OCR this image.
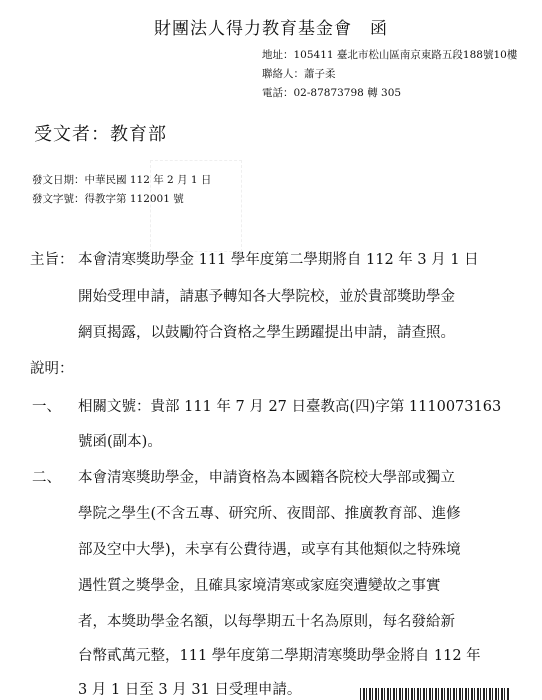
財團法人得力教育基金會　函
地址：105411 臺北市松山區南京東路五段188號10樓
聯絡人：蕭子柔
電話：02-87873798 轉 305
受文者：教育部
發文日期：中華民國 112 年 2 月 1 日
發文字號：得教字第 112001 號
主旨： 本會清寒獎助學金 111 學年度第二學期將自 112 年 3 月 1 日
開始受理申請，請惠予轉知各大學院校，並於貴部獎助學金
網頁揭露，以鼓勵符合資格之學生踴躍提出申請，請查照。
說明：
一、 相關文號：貴部 111 年 7 月 27 日臺教高(四)字第 1110073163
號函(副本)。
二、 本會清寒獎助學金，申請資格為本國籍各院校大學部或獨立
學院之學生(不含五專、研究所、夜間部、推廣教育部、進修
部及空中大學)，未享有公費待遇，或享有其他類似之特殊境
遇性質之獎學金，且確具家境清寒或家庭突遭變故之事實
者，本獎助學金名額，以每學期五十名為原則，每名發給新
台幣貳萬元整，111 學年度第二學期清寒獎助學金將自 112 年
3 月 1 日至 3 月 31 日受理申請。
